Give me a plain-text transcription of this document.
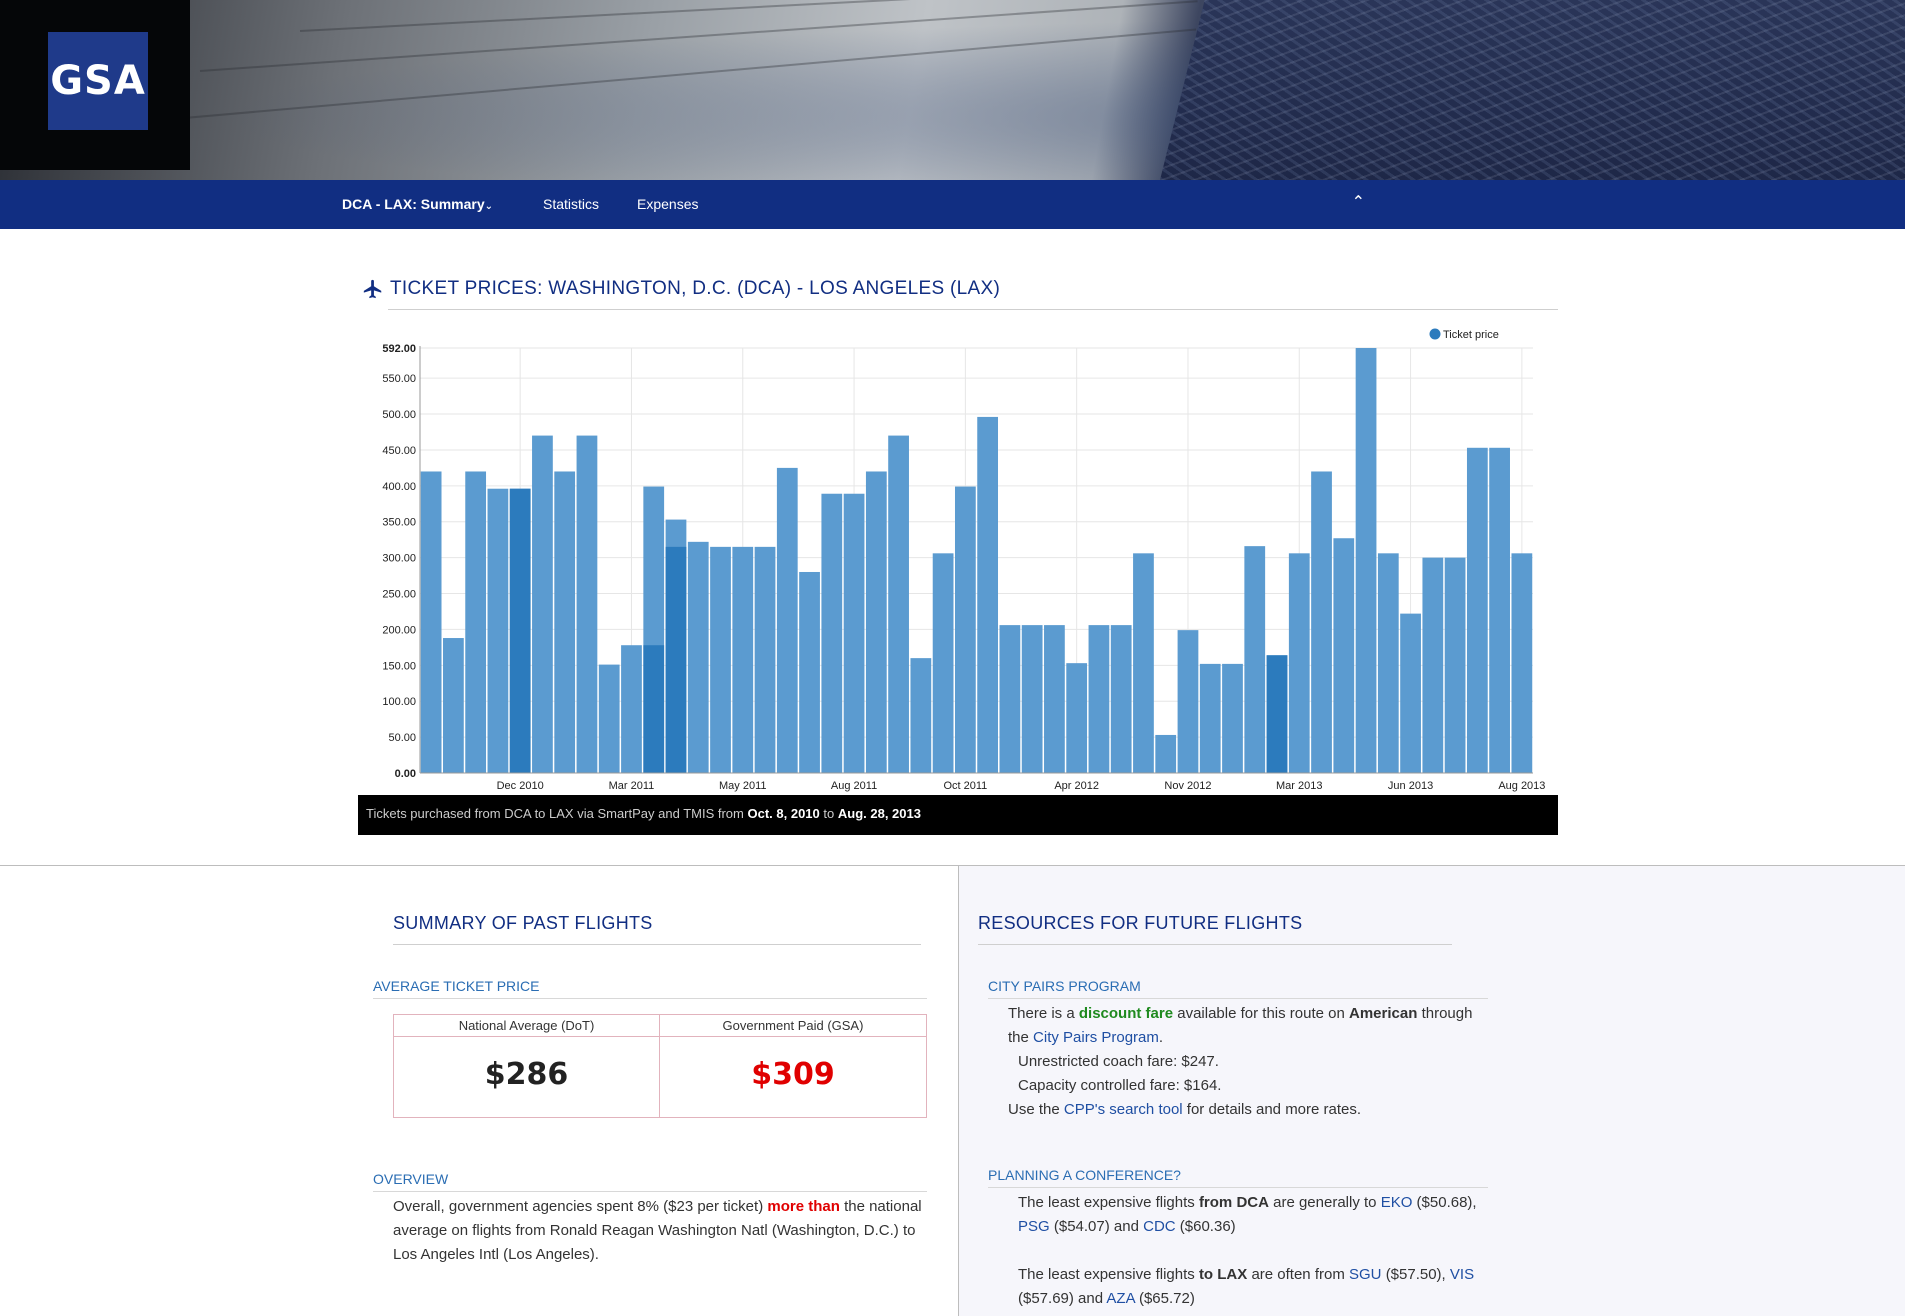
GSA
DCA - LAX: Summary⌄	Statistics	Expenses	⌃
TICKET PRICES: WASHINGTON, D.C. (DCA) - LOS ANGELES (LAX)
0.00
50.00
100.00
150.00
200.00
250.00
300.00
350.00
400.00
450.00
500.00
550.00
592.00
Dec 2010	Mar 2011	May 2011	Aug 2011	Oct 2011	Apr 2012	Nov 2012	Mar 2013	Jun 2013	Aug 2013
Ticket price
Tickets purchased from DCA to LAX via SmartPay and TMIS from Oct. 8, 2010 to Aug. 28, 2013
SUMMARY OF PAST FLIGHTS
AVERAGE TICKET PRICE
National Average (DoT)	Government Paid (GSA)
$286	$309
OVERVIEW
Overall, government agencies spent 8% ($23 per ticket) more than the national
average on flights from Ronald Reagan Washington Natl (Washington, D.C.) to
Los Angeles Intl (Los Angeles).
RESOURCES FOR FUTURE FLIGHTS
CITY PAIRS PROGRAM
There is a discount fare available for this route on American through
the City Pairs Program.
Unrestricted coach fare: $247.
Capacity controlled fare: $164.
Use the CPP's search tool for details and more rates.
PLANNING A CONFERENCE?
The least expensive flights from DCA are generally to EKO ($50.68),
PSG ($54.07) and CDC ($60.36)
The least expensive flights to LAX are often from SGU ($57.50), VIS
($57.69) and AZA ($65.72)
